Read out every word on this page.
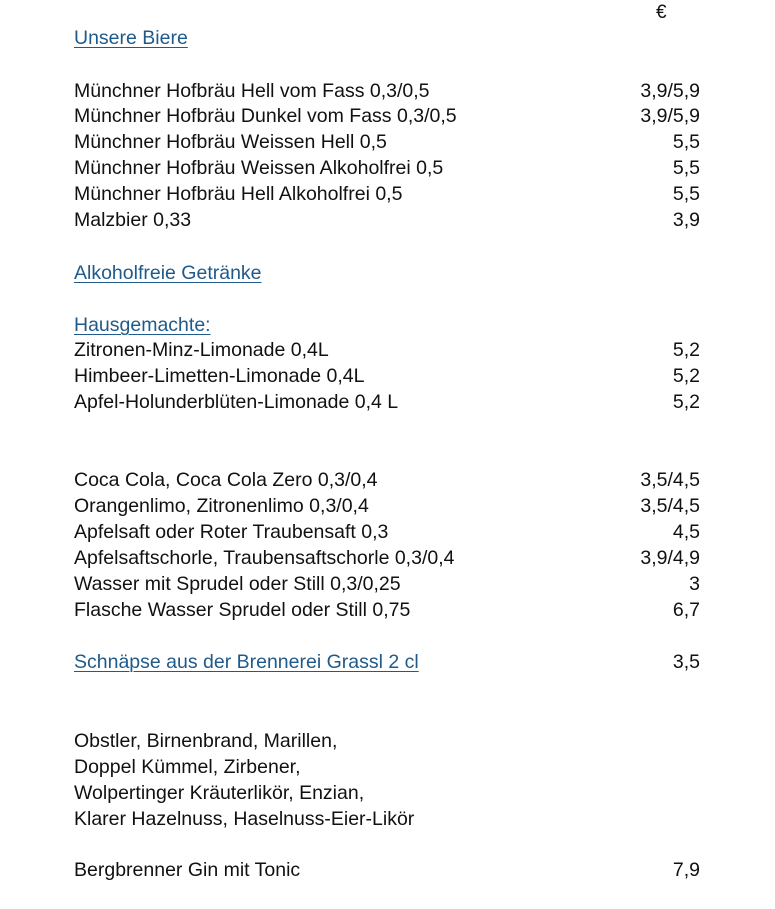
€
Unsere Biere
Münchner Hofbräu Hell vom Fass 0,3/0,5	3,9/5,9
Münchner Hofbräu Dunkel vom Fass 0,3/0,5	3,9/5,9
Münchner Hofbräu Weissen Hell 0,5	5,5
Münchner Hofbräu Weissen Alkoholfrei 0,5	5,5
Münchner Hofbräu Hell Alkoholfrei 0,5	5,5
Malzbier 0,33	3,9
Alkoholfreie Getränke
Hausgemachte:
Zitronen-Minz-Limonade 0,4L	5,2
Himbeer-Limetten-Limonade 0,4L	5,2
Apfel-Holunderblüten-Limonade 0,4 L	5,2
Coca Cola, Coca Cola Zero 0,3/0,4	3,5/4,5
Orangenlimo, Zitronenlimo 0,3/0,4	3,5/4,5
Apfelsaft oder Roter Traubensaft 0,3	4,5
Apfelsaftschorle, Traubensaftschorle 0,3/0,4	3,9/4,9
Wasser mit Sprudel oder Still 0,3/0,25	3
Flasche Wasser Sprudel oder Still 0,75	6,7
Schnäpse aus der Brennerei Grassl 2 cl	3,5
Obstler, Birnenbrand, Marillen,
Doppel Kümmel, Zirbener,
Wolpertinger Kräuterlikör, Enzian,
Klarer Hazelnuss, Haselnuss-Eier-Likör
Bergbrenner Gin mit Tonic	7,9
